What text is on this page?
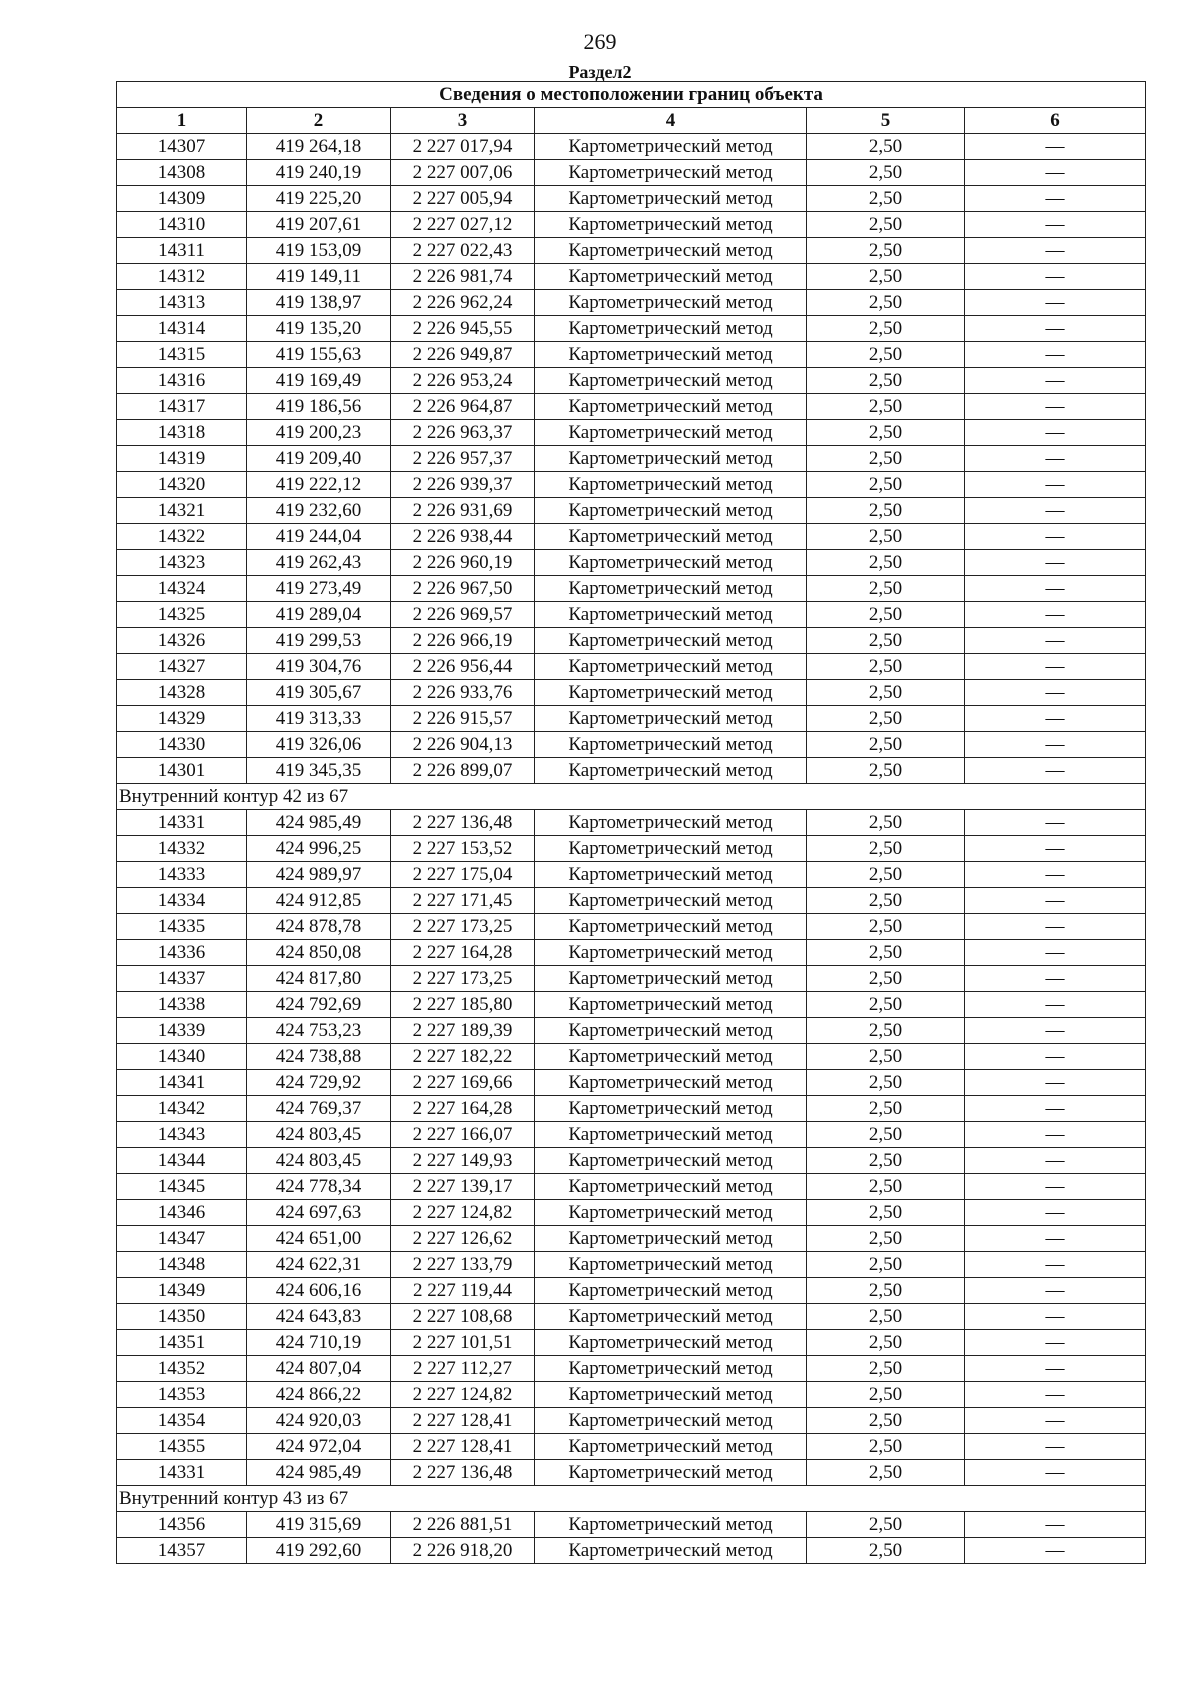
269
Раздел2
Сведения о местоположении границ объекта					
1	2	3	4	5	6
14307	419 264,18	2 227 017,94	Картометрический метод	2,50	—
14308	419 240,19	2 227 007,06	Картометрический метод	2,50	—
14309	419 225,20	2 227 005,94	Картометрический метод	2,50	—
14310	419 207,61	2 227 027,12	Картометрический метод	2,50	—
14311	419 153,09	2 227 022,43	Картометрический метод	2,50	—
14312	419 149,11	2 226 981,74	Картометрический метод	2,50	—
14313	419 138,97	2 226 962,24	Картометрический метод	2,50	—
14314	419 135,20	2 226 945,55	Картометрический метод	2,50	—
14315	419 155,63	2 226 949,87	Картометрический метод	2,50	—
14316	419 169,49	2 226 953,24	Картометрический метод	2,50	—
14317	419 186,56	2 226 964,87	Картометрический метод	2,50	—
14318	419 200,23	2 226 963,37	Картометрический метод	2,50	—
14319	419 209,40	2 226 957,37	Картометрический метод	2,50	—
14320	419 222,12	2 226 939,37	Картометрический метод	2,50	—
14321	419 232,60	2 226 931,69	Картометрический метод	2,50	—
14322	419 244,04	2 226 938,44	Картометрический метод	2,50	—
14323	419 262,43	2 226 960,19	Картометрический метод	2,50	—
14324	419 273,49	2 226 967,50	Картометрический метод	2,50	—
14325	419 289,04	2 226 969,57	Картометрический метод	2,50	—
14326	419 299,53	2 226 966,19	Картометрический метод	2,50	—
14327	419 304,76	2 226 956,44	Картометрический метод	2,50	—
14328	419 305,67	2 226 933,76	Картометрический метод	2,50	—
14329	419 313,33	2 226 915,57	Картометрический метод	2,50	—
14330	419 326,06	2 226 904,13	Картометрический метод	2,50	—
14301	419 345,35	2 226 899,07	Картометрический метод	2,50	—
Внутренний контур 42 из 67					
14331	424 985,49	2 227 136,48	Картометрический метод	2,50	—
14332	424 996,25	2 227 153,52	Картометрический метод	2,50	—
14333	424 989,97	2 227 175,04	Картометрический метод	2,50	—
14334	424 912,85	2 227 171,45	Картометрический метод	2,50	—
14335	424 878,78	2 227 173,25	Картометрический метод	2,50	—
14336	424 850,08	2 227 164,28	Картометрический метод	2,50	—
14337	424 817,80	2 227 173,25	Картометрический метод	2,50	—
14338	424 792,69	2 227 185,80	Картометрический метод	2,50	—
14339	424 753,23	2 227 189,39	Картометрический метод	2,50	—
14340	424 738,88	2 227 182,22	Картометрический метод	2,50	—
14341	424 729,92	2 227 169,66	Картометрический метод	2,50	—
14342	424 769,37	2 227 164,28	Картометрический метод	2,50	—
14343	424 803,45	2 227 166,07	Картометрический метод	2,50	—
14344	424 803,45	2 227 149,93	Картометрический метод	2,50	—
14345	424 778,34	2 227 139,17	Картометрический метод	2,50	—
14346	424 697,63	2 227 124,82	Картометрический метод	2,50	—
14347	424 651,00	2 227 126,62	Картометрический метод	2,50	—
14348	424 622,31	2 227 133,79	Картометрический метод	2,50	—
14349	424 606,16	2 227 119,44	Картометрический метод	2,50	—
14350	424 643,83	2 227 108,68	Картометрический метод	2,50	—
14351	424 710,19	2 227 101,51	Картометрический метод	2,50	—
14352	424 807,04	2 227 112,27	Картометрический метод	2,50	—
14353	424 866,22	2 227 124,82	Картометрический метод	2,50	—
14354	424 920,03	2 227 128,41	Картометрический метод	2,50	—
14355	424 972,04	2 227 128,41	Картометрический метод	2,50	—
14331	424 985,49	2 227 136,48	Картометрический метод	2,50	—
Внутренний контур 43 из 67					
14356	419 315,69	2 226 881,51	Картометрический метод	2,50	—
14357	419 292,60	2 226 918,20	Картометрический метод	2,50	—
